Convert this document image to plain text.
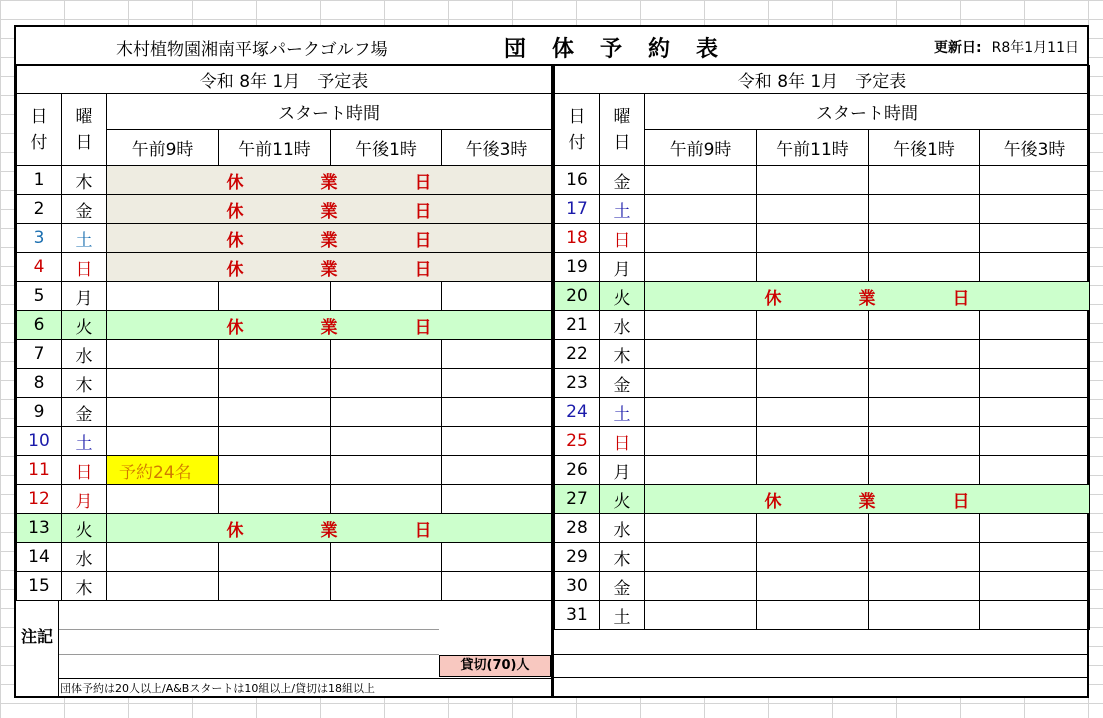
木村植物園湘南平塚パークゴルフ場	団体予約表	更新日: R8年1月11日
令和 8年 1月　予定表					
日
付	曜
日	スタート時間			
		午前9時	午前11時	午後1時	午後3時
1	木	休　業　日			
2	金	休　業　日			
3	土	休　業　日			
4	日	休　業　日			
5	月				
6	火	休　業　日			
7	水				
8	木				
9	金				
10	土				
11	日	予約24名			
12	月				
13	火	休　業　日			
14	水				
15	木				
令和 8年 1月　予定表					
日
付	曜
日	スタート時間			
		午前9時	午前11時	午後1時	午後3時
16	金				
17	土				
18	日				
19	月				
20	火	休　業　日			
21	水				
22	木				
23	金				
24	土				
25	日				
26	月				
27	火	休　業　日			
28	水				
29	木				
30	金				
31	土				
注記
貸切(70)人
団体予約は20人以上/A&Bスタートは10組以上/貸切は18組以上
